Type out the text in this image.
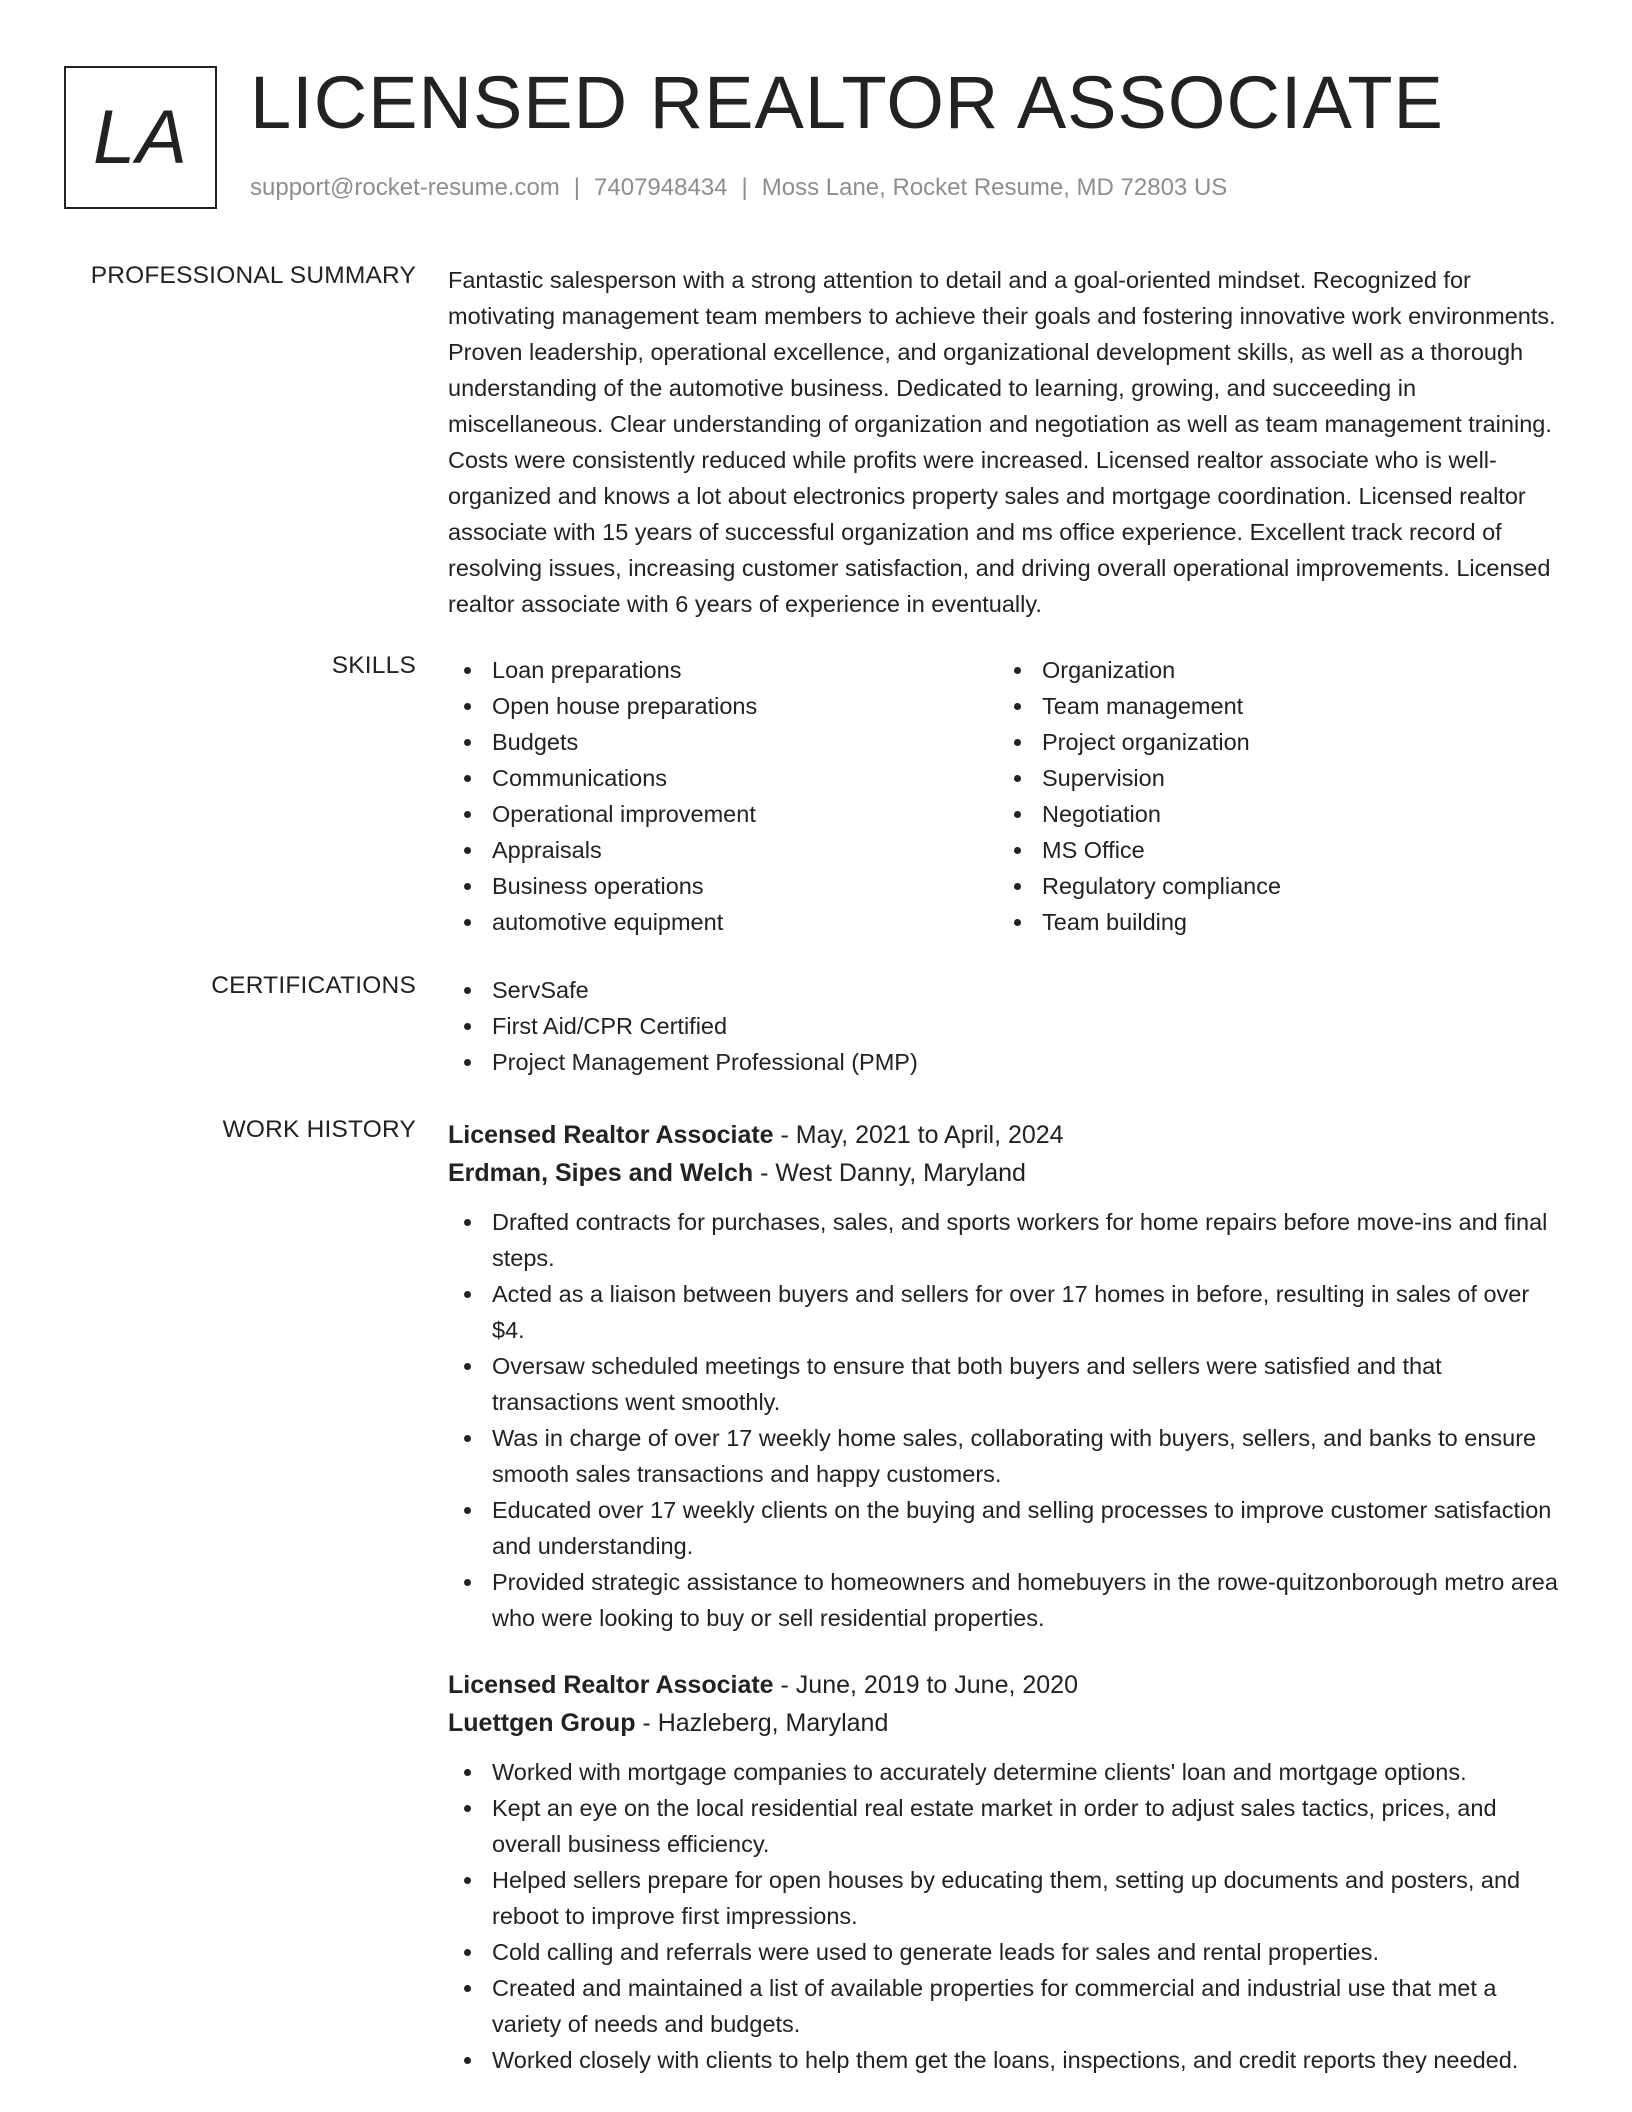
LA LICENSED REALTOR ASSOCIATE
support@rocket-resume.com | 7407948434 | Moss Lane, Rocket Resume, MD 72803 US
PROFESSIONAL SUMMARY Fantastic salesperson with a strong attention to detail and a goal-oriented mindset. Recognized for motivating management team members to achieve their goals and fostering innovative work environments. Proven leadership, operational excellence, and organizational development skills, as well as a thorough understanding of the automotive business. Dedicated to learning, growing, and succeeding in miscellaneous. Clear understanding of organization and negotiation as well as team management training. Costs were consistently reduced while profits were increased. Licensed realtor associate who is well-organized and knows a lot about electronics property sales and mortgage coordination. Licensed realtor associate with 15 years of successful organization and ms office experience. Excellent track record of resolving issues, increasing customer satisfaction, and driving overall operational improvements. Licensed realtor associate with 6 years of experience in eventually.

SKILLS	Loan preparations
Open house preparations
Budgets
Communications
Operational improvement
Appraisals
Business operations
automotive equipment
Organization
Team management
Project organization
Supervision
Negotiation
MS Office
Regulatory compliance
Team building
CERTIFICATIONS	ServSafe
First Aid/CPR Certified
Project Management Professional (PMP)
WORK HISTORY Licensed Realtor Associate - May, 2021 to April, 2024
Erdman, Sipes and Welch - West Danny, Maryland
Drafted contracts for purchases, sales, and sports workers for home repairs before move-ins and final steps.
Acted as a liaison between buyers and sellers for over 17 homes in before, resulting in sales of over $4.
Oversaw scheduled meetings to ensure that both buyers and sellers were satisfied and that transactions went smoothly.
Was in charge of over 17 weekly home sales, collaborating with buyers, sellers, and banks to ensure smooth sales transactions and happy customers.
Educated over 17 weekly clients on the buying and selling processes to improve customer satisfaction and understanding.
Provided strategic assistance to homeowners and homebuyers in the rowe-quitzonborough metro area who were looking to buy or sell residential properties.
Licensed Realtor Associate - June, 2019 to June, 2020
Luettgen Group - Hazleberg, Maryland
Worked with mortgage companies to accurately determine clients' loan and mortgage options.
Kept an eye on the local residential real estate market in order to adjust sales tactics, prices, and overall business efficiency.
Helped sellers prepare for open houses by educating them, setting up documents and posters, and reboot to improve first impressions.
Cold calling and referrals were used to generate leads for sales and rental properties.
Created and maintained a list of available properties for commercial and industrial use that met a variety of needs and budgets.
Worked closely with clients to help them get the loans, inspections, and credit reports they needed.
